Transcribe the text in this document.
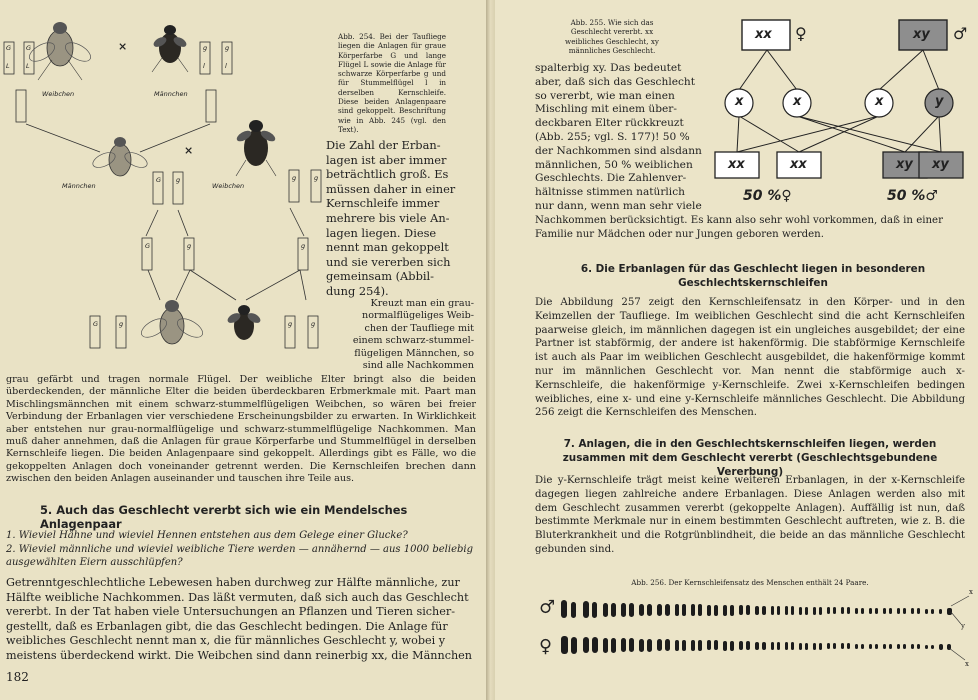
G
L
G
L
g
l
g
l
G g	g	g
G	g	g
G	g	g	g
Weibchen	Männchen
Männchen	Weibchen
×
×
Abb. 254. Bei der Taufliege liegen die Anlagen für graue Körperfarbe G und lange Flügel L sowie die Anlage für schwarze Körperfarbe g und für Stummelflügel l in derselben Kernschleife. Diese beiden Anlagenpaare sind gekoppelt. Beschriftung wie in Abb. 245 (vgl. den Text).
Die Zahl der Erban-
lagen ist aber immer
beträchtlich groß. Es
müssen daher in einer
Kernschleife immer
mehrere bis viele An-
lagen liegen. Diese
nennt man gekoppelt
und sie vererben sich
gemeinsam (Abbil-
dung 254).
Kreuzt man ein grau-
normalflügeliges Weib-
chen der Taufliege mit
einem schwarz-stummel-
flügeligen Männchen, so
sind alle Nachkommen
grau gefärbt und tragen normale Flügel. Der weibliche Elter bringt also die beiden überdeckenden, der männliche Elter die beiden überdeckbaren Erbmerkmale mit. Paart man Mischlingsmännchen mit einem schwarz-stummelflügeligen Weibchen, so wären bei freier Verbindung der Erbanlagen vier verschiedene Erscheinungsbilder zu erwarten. In Wirklichkeit aber entstehen nur grau-normalflügelige und schwarz-stummelflügelige Nachkommen. Man muß daher annehmen, daß die Anlagen für graue Körperfarbe und Stummelflügel in derselben Kernschleife liegen. Die beiden Anlagenpaare sind gekoppelt. Allerdings gibt es Fälle, wo die gekoppelten Anlagen doch voneinander getrennt werden. Die Kernschleifen brechen dann zwischen den beiden Anlagen auseinander und tauschen ihre Teile aus.
5. Auch das Geschlecht vererbt sich wie ein Mendelsches Anlagenpaar
1. Wieviel Hähne und wieviel Hennen entstehen aus dem Gelege einer Glucke?
2. Wieviel männliche und wieviel weibliche Tiere werden — annähernd — aus 1000 beliebig ausgewählten Eiern ausschlüpfen?
Getrenntgeschlechtliche Lebewesen haben durchweg zur Hälfte männliche, zur
Hälfte weibliche Nachkommen. Das läßt vermuten, daß sich auch das Geschlecht
vererbt. In der Tat haben viele Untersuchungen an Pflanzen und Tieren sicher-
gestellt, daß es Erbanlagen gibt, die das Geschlecht bedingen. Die Anlage für
weibliches Geschlecht nennt man x, die für männliches Geschlecht y, wobei y
meistens überdeckend wirkt. Die Weibchen sind dann reinerbig xx, die Männchen
182
Abb. 255. Wie sich das Geschlecht vererbt. xx weibliches Geschlecht, xy männliches Geschlecht.
xx ♀	xy ♂
x	x	x	y
xx	xx	xy xy
50 %♀	50 %♂
spalterbig xy. Das bedeutet
aber, daß sich das Geschlecht
so vererbt, wie man einen
Mischling mit einem über-
deckbaren Elter rückkreuzt
(Abb. 255; vgl. S. 177)! 50 %
der Nachkommen sind alsdann
männlichen, 50 % weiblichen
Geschlechts. Die Zahlenver-
hältnisse stimmen natürlich
nur dann, wenn man sehr viele
Nachkommen berücksichtigt. Es kann also sehr wohl vorkommen, daß in einer
Familie nur Mädchen oder nur Jungen geboren werden.
6. Die Erbanlagen für das Geschlecht liegen in besonderen Geschlechtskernschleifen
Die Abbildung 257 zeigt den Kernschleifensatz in den Körper- und in den Keimzellen der Taufliege. Im weiblichen Geschlecht sind die acht Kernschleifen paarweise gleich, im männlichen dagegen ist ein ungleiches ausgebildet; der eine Partner ist stabförmig, der andere ist hakenförmig. Die stabförmige Kernschleife ist auch als Paar im weiblichen Geschlecht ausgebildet, die hakenförmige kommt nur im männlichen Geschlecht vor. Man nennt die stabförmige auch x-Kernschleife, die hakenförmige y-Kernschleife. Zwei x-Kernschleifen bedingen weibliches, eine x- und eine y-Kernschleife männliches Geschlecht. Die Abbildung 256 zeigt die Kernschleifen des Menschen.
7. Anlagen, die in den Geschlechtskernschleifen liegen, werden zusammen mit dem Geschlecht vererbt (Geschlechtsgebundene Vererbung)
Die y-Kernschleife trägt meist keine weiteren Erbanlagen, in der x-Kernschleife dagegen liegen zahlreiche andere Erbanlagen. Diese Anlagen werden also mit dem Geschlecht zusammen vererbt (gekoppelte Anlagen). Auffällig ist nun, daß bestimmte Merkmale nur in einem bestimmten Geschlecht auftreten, wie z. B. die Bluterkrankheit und die Rotgrünblindheit, die beide an das männliche Geschlecht gebunden sind.
Abb. 256. Der Kernschleifensatz des Menschen enthält 24 Paare.
♂
♀
x
y
x
